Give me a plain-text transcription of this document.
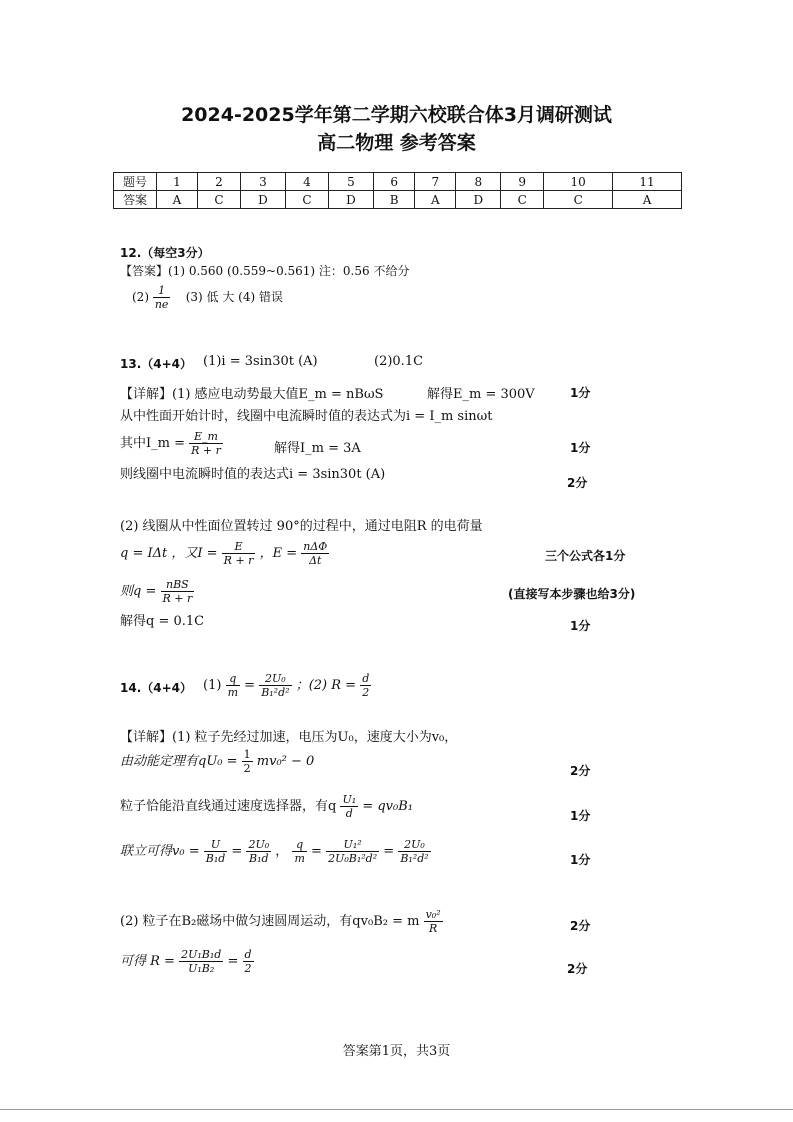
2024-2025学年第二学期六校联合体3月调研测试
高二物理 参考答案
题号	1	2	3	4	5	6	7	8	9	10	11
答案	A	C	D	C	D	B	A	D	C	C	A
12.（每空3分）
【答案】(1) 0.560 (0.559~0.561) 注：0.56 不给分
$(2) \frac{1}{ne} (3)$ 低 大 (4) 错误
13.（4+4） (1)i = 3sin30t (A)	(2)0.1C
【详解】(1) 感应电动势最大值E_m = nBωS	解得E_m = 300V	1分
从中性面开始计时，线圈中电流瞬时值的表达式为i = I_m sinωt
其中I_m = $\frac{E\_m}{R + r}$	解得I_m = 3A	1分
则线圈中电流瞬时值的表达式i = 3sin30t (A)
2分
(2) 线圈从中性面位置转过 90°的过程中，通过电阻R 的电荷量
q = IΔt ，又$I = \frac{E}{R + r}$ ，$E = \frac{\text{nΔΦ}}{\Delta t}$	三个公式各1分
则$q = \frac{\text{nBS}}{R + r}$	(直接写本步骤也给3分)
解得q = 0.1C	1分
14.（4+4） $(1) \frac{q}{m} = \frac{\text{2U₀}}{\text{B₁²d²}}$ ；(2) $R = \frac{d}{2}$
【详解】(1) 粒子先经过加速，电压为U₀，速度大小为v₀，
由动能定理有$qU_0 = \frac{1}{2} mv_0^2 - 0$
2分
粒子恰能沿直线通过速度选择器，有q $\frac{\text{U₁}}{d} = qv_0B_1$
1分
联立可得$v_0 = \frac{U}{\text{B₁d}} = \frac{\text{2U₀}}{\text{B₁d}}$ ， $\frac{q}{m} = \frac{\text{U₁²}}{\text{2U₀B₁²d²}} = \frac{\text{2U₀}}{\text{B₁²d²}}$	1分
(2) 粒子在B₂磁场中做匀速圆周运动，有qv₀B₂ = m $\frac{\text{v₀²}}{R}$	2分
可得 $R = \frac{\text{2U₁B₁d}}{\text{U₁B₂}} = \frac{d}{2}$	2分
答案第1页，共3页
